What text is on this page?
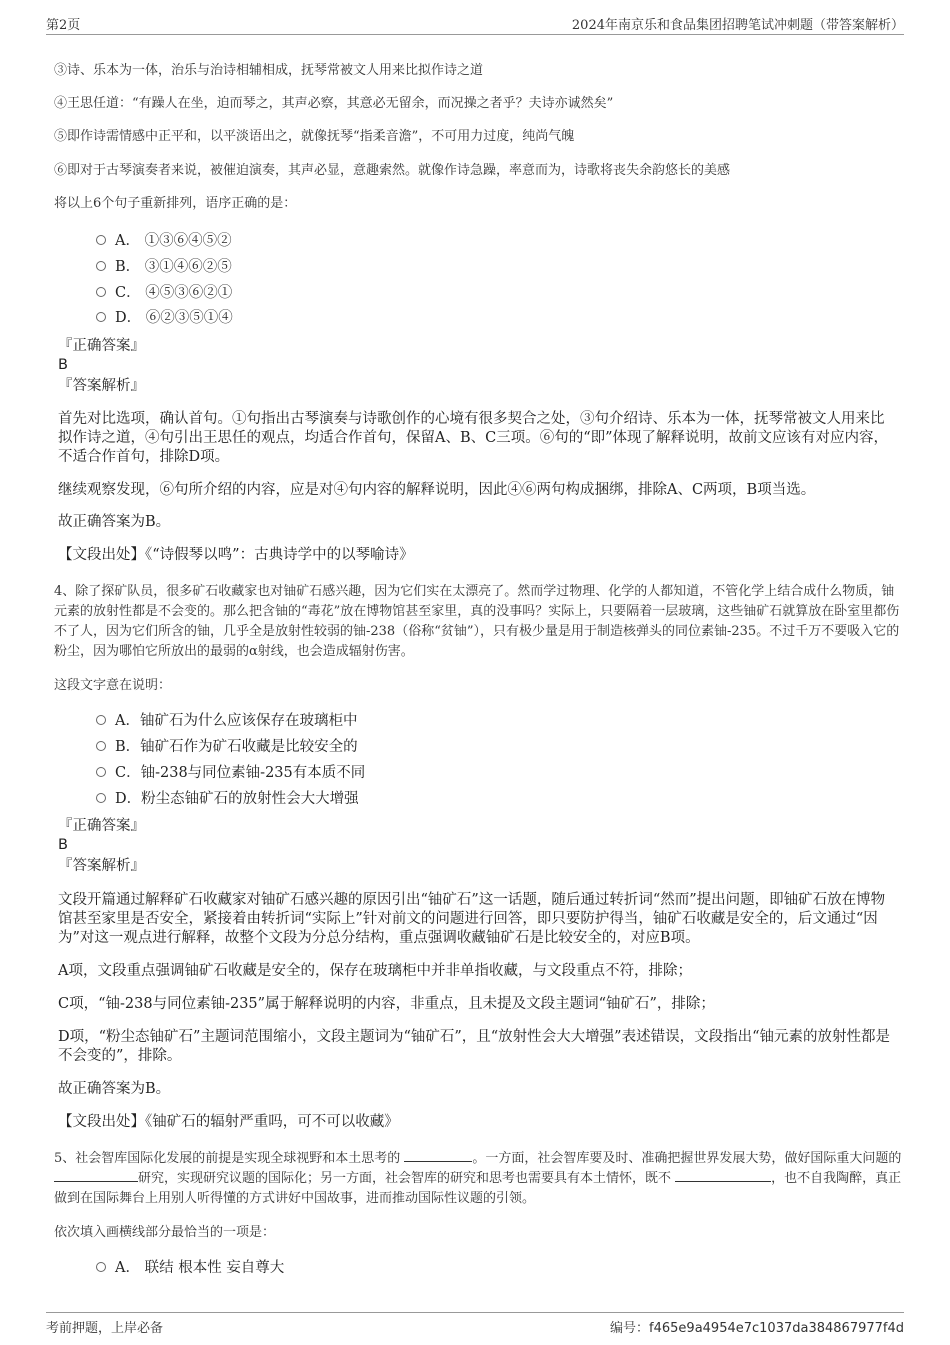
第2页	2024年南京乐和食品集团招聘笔试冲刺题（带答案解析）

③诗、乐本为一体，治乐与治诗相辅相成，抚琴常被文人用来比拟作诗之道

④王思任道：“有躁人在坐，迫而琴之，其声必察，其意必无留余，而况操之者乎？夫诗亦诚然矣”

⑤即作诗需情感中正平和，以平淡语出之，就像抚琴“指柔音澹”，不可用力过度，纯尚气魄

⑥即对于古琴演奏者来说，被催迫演奏，其声必显，意趣索然。就像作诗急躁，率意而为，诗歌将丧失余韵悠长的美感

将以上6个句子重新排列，语序正确的是：

A． ①③⑥④⑤②
B． ③①④⑥②⑤
C． ④⑤③⑥②①
D． ⑥②③⑤①④

『正确答案』

B

『答案解析』

首先对比选项，确认首句。①句指出古琴演奏与诗歌创作的心境有很多契合之处，③句介绍诗、乐本为一体，抚琴常被文人用来比拟作诗之道，④句引出王思任的观点，均适合作首句，保留A、B、C三项。⑥句的“即”体现了解释说明，故前文应该有对应内容，不适合作首句，排除D项。

继续观察发现，⑥句所介绍的内容，应是对④句内容的解释说明，因此④⑥两句构成捆绑，排除A、C两项，B项当选。

故正确答案为B。

【文段出处】《“诗假琴以鸣”：古典诗学中的以琴喻诗》

4、除了探矿队员，很多矿石收藏家也对铀矿石感兴趣，因为它们实在太漂亮了。然而学过物理、化学的人都知道，不管化学上结合成什么物质，铀元素的放射性都是不会变的。那么把含铀的“毒花”放在博物馆甚至家里，真的没事吗？实际上，只要隔着一层玻璃，这些铀矿石就算放在卧室里都伤不了人，因为它们所含的铀，几乎全是放射性较弱的铀-238（俗称“贫铀”），只有极少量是用于制造核弹头的同位素铀-235。不过千万不要吸入它的粉尘，因为哪怕它所放出的最弱的α射线，也会造成辐射伤害。

这段文字意在说明：

A．铀矿石为什么应该保存在玻璃柜中
B．铀矿石作为矿石收藏是比较安全的
C．铀-238与同位素铀-235有本质不同
D．粉尘态铀矿石的放射性会大大增强

『正确答案』

B

『答案解析』

文段开篇通过解释矿石收藏家对铀矿石感兴趣的原因引出“铀矿石”这一话题，随后通过转折词“然而”提出问题，即铀矿石放在博物馆甚至家里是否安全，紧接着由转折词“实际上”针对前文的问题进行回答，即只要防护得当，铀矿石收藏是安全的，后文通过“因为”对这一观点进行解释，故整个文段为分总分结构，重点强调收藏铀矿石是比较安全的，对应B项。

A项，文段重点强调铀矿石收藏是安全的，保存在玻璃柜中并非单指收藏，与文段重点不符，排除；

C项，“铀-238与同位素铀-235”属于解释说明的内容，非重点，且未提及文段主题词“铀矿石”，排除；

D项，“粉尘态铀矿石”主题词范围缩小，文段主题词为“铀矿石”，且“放射性会大大增强”表述错误，文段指出“铀元素的放射性都是不会变的”，排除。

故正确答案为B。

【文段出处】《铀矿石的辐射严重吗，可不可以收藏》

5、社会智库国际化发展的前提是实现全球视野和本土思考的	。一方面，社会智库要及时、准确把握世界发展大势，做好国际重大问题的 研究，实现研究议题的国际化；另一方面，社会智库的研究和思考也需要具有本土情怀，既不	，也不自我陶醉，真正做到在国际舞台上用别人听得懂的方式讲好中国故事，进而推动国际性议题的引领。

依次填入画横线部分最恰当的一项是：

A． 联结 根本性 妄自尊大
考前押题，上岸必备	编号：f465e9a4954e7c1037da384867977f4d
